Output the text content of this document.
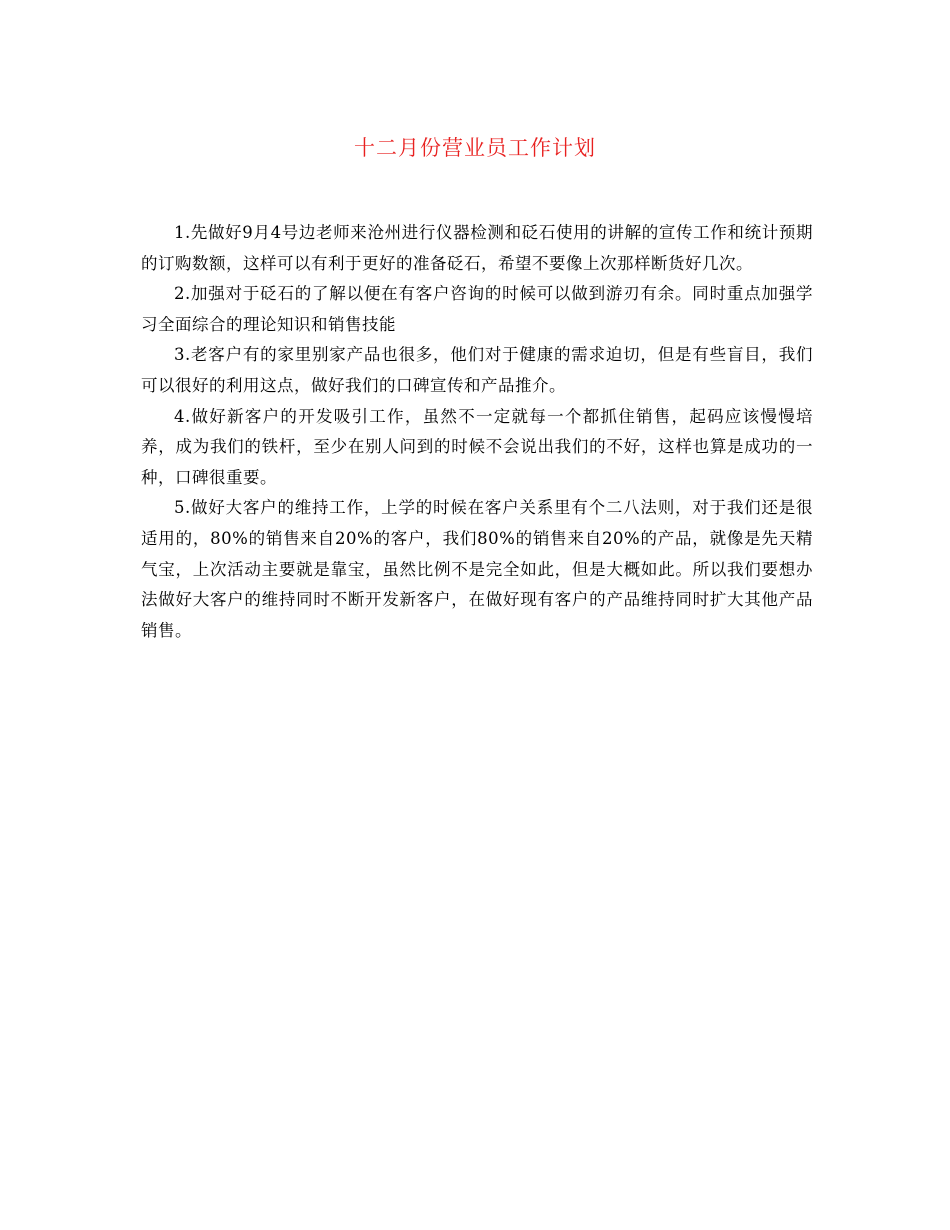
十二月份营业员工作计划

1.先做好9月4号边老师来沧州进行仪器检测和砭石使用的讲解的宣传工作和统计预期的订购数额，这样可以有利于更好的准备砭石，希望不要像上次那样断货好几次。

2.加强对于砭石的了解以便在有客户咨询的时候可以做到游刃有余。同时重点加强学习全面综合的理论知识和销售技能

3.老客户有的家里别家产品也很多，他们对于健康的需求迫切，但是有些盲目，我们可以很好的利用这点，做好我们的口碑宣传和产品推介。

4.做好新客户的开发吸引工作，虽然不一定就每一个都抓住销售，起码应该慢慢培养，成为我们的铁杆，至少在别人问到的时候不会说出我们的不好，这样也算是成功的一种，口碑很重要。

5.做好大客户的维持工作，上学的时候在客户关系里有个二八法则，对于我们还是很适用的，80%的销售来自20%的客户，我们80%的销售来自20%的产品，就像是先天精气宝，上次活动主要就是靠宝，虽然比例不是完全如此，但是大概如此。所以我们要想办法做好大客户的维持同时不断开发新客户，在做好现有客户的产品维持同时扩大其他产品销售。
